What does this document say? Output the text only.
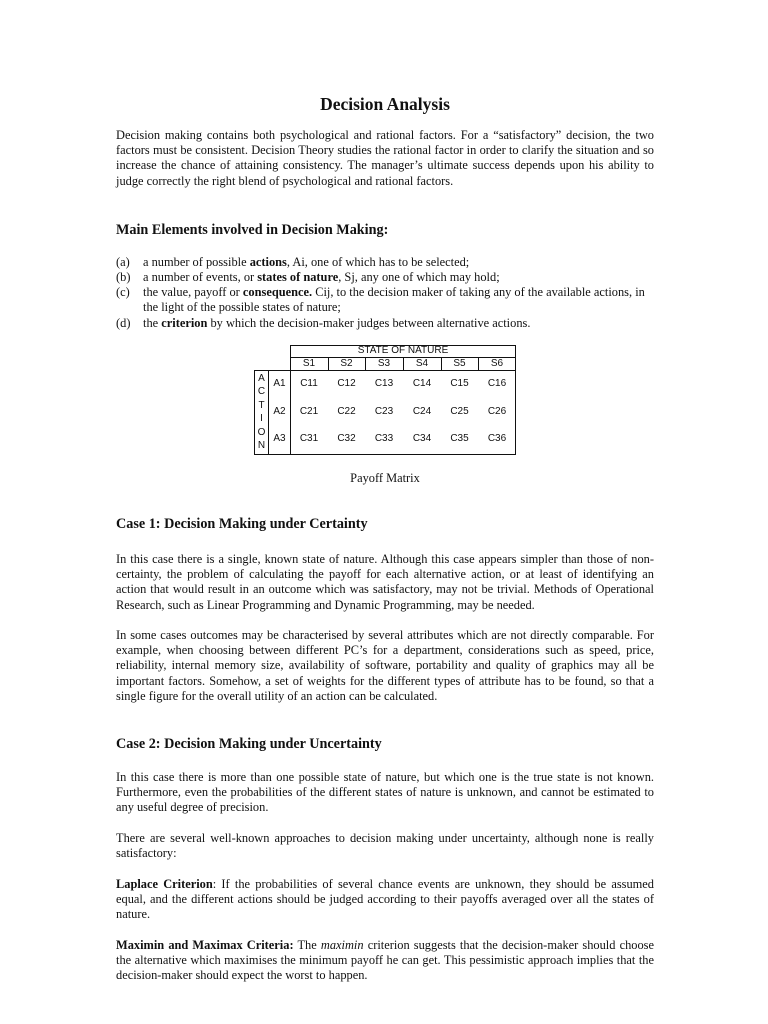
Decision Analysis
Decision making contains both psychological and rational factors. For a “satisfactory” decision, the two factors must be consistent. Decision Theory studies the rational factor in order to clarify the situation and so increase the chance of attaining consistency. The manager’s ultimate success depends upon his ability to judge correctly the right blend of psychological and rational factors.
Main Elements involved in Decision Making:
(a) a number of possible actions, Ai, one of which has to be selected;
(b) a number of events, or states of nature, Sj, any one of which may hold;
(c) the value, payoff or consequence. Cij, to the decision maker of taking any of the available actions, in the light of the possible states of nature;
(d) the criterion by which the decision-maker judges between alternative actions.
STATE OF NATURE
S1	S2	S3	S4	S5	S6
A
C
T
I
O
N
A1	C11	C12	C13	C14	C15	C16
A2	C21	C22	C23	C24	C25	C26
A3	C31	C32	C33	C34	C35	C36
Payoff Matrix
Case 1: Decision Making under Certainty
In this case there is a single, known state of nature. Although this case appears simpler than those of non-certainty, the problem of calculating the payoff for each alternative action, or at least of identifying an action that would result in an outcome which was satisfactory, may not be trivial. Methods of Operational Research, such as Linear Programming and Dynamic Programming, may be needed.
In some cases outcomes may be characterised by several attributes which are not directly comparable. For example, when choosing between different PC’s for a department, considerations such as speed, price, reliability, internal memory size, availability of software, portability and quality of graphics may all be important factors. Somehow, a set of weights for the different types of attribute has to be found, so that a single figure for the overall utility of an action can be calculated.
Case 2: Decision Making under Uncertainty
In this case there is more than one possible state of nature, but which one is the true state is not known. Furthermore, even the probabilities of the different states of nature is unknown, and cannot be estimated to any useful degree of precision.
There are several well-known approaches to decision making under uncertainty, although none is really satisfactory:
Laplace Criterion: If the probabilities of several chance events are unknown, they should be assumed equal, and the different actions should be judged according to their payoffs averaged over all the states of nature.
Maximin and Maximax Criteria: The maximin criterion suggests that the decision-maker should choose the alternative which maximises the minimum payoff he can get. This pessimistic approach implies that the decision-maker should expect the worst to happen.
